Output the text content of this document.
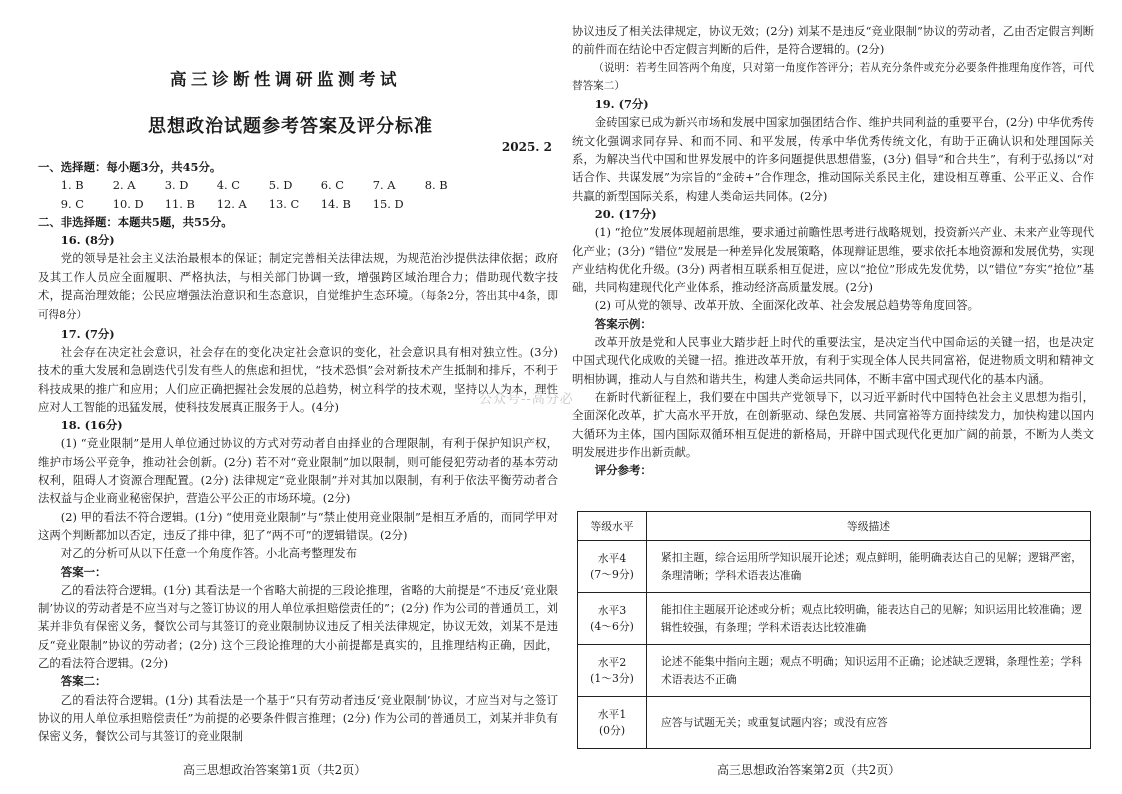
高三诊断性调研监测考试
思想政治试题参考答案及评分标准
2025. 2
一、选择题：每小题3分，共45分。
1. B	2. A	3. D	4. C	5. D	6. C	7. A	8. B
9. C	10. D	11. B	12. A	13. C	14. B	15. D
二、非选择题：本题共5题，共55分。
16. (8分)

党的领导是社会主义法治最根本的保证；制定完善相关法律法规，为规范治沙提供法律依据；政府及其工作人员应全面履职、严格执法，与相关部门协调一致，增强跨区域治理合力；借助现代数字技术，提高治理效能；公民应增强法治意识和生态意识，自觉维护生态环境。（每条2分，答出其中4条，即可得8分）

17. (7分)

社会存在决定社会意识，社会存在的变化决定社会意识的变化，社会意识具有相对独立性。(3分) 技术的重大发展和急剧迭代引发有些人的焦虑和担忧，“技术恐惧”会对新技术产生抵制和排斥，不利于科技成果的推广和应用；人们应正确把握社会发展的总趋势，树立科学的技术观，坚持以人为本，理性应对人工智能的迅猛发展，使科技发展真正服务于人。(4分)

18. (16分)

(1) “竞业限制”是用人单位通过协议的方式对劳动者自由择业的合理限制，有利于保护知识产权，维护市场公平竞争，推动社会创新。(2分) 若不对“竞业限制”加以限制，则可能侵犯劳动者的基本劳动权利，阻碍人才资源合理配置。(2分) 法律规定“竞业限制”并对其加以限制，有利于依法平衡劳动者合法权益与企业商业秘密保护，营造公平公正的市场环境。(2分)

(2) 甲的看法不符合逻辑。(1分) “使用竞业限制”与“禁止使用竞业限制”是相互矛盾的，而同学甲对这两个判断都加以否定，违反了排中律，犯了“两不可”的逻辑错误。(2分)

对乙的分析可从以下任意一个角度作答。小北高考整理发布

答案一：

乙的看法符合逻辑。(1分) 其看法是一个省略大前提的三段论推理，省略的大前提是“不违反‘竞业限制’协议的劳动者是不应当对与之签订协议的用人单位承担赔偿责任的”；(2分) 作为公司的普通员工，刘某并非负有保密义务，餐饮公司与其签订的竞业限制协议违反了相关法律规定，协议无效，刘某不是违反“竞业限制”协议的劳动者；(2分) 这个三段论推理的大小前提都是真实的，且推理结构正确，因此，乙的看法符合逻辑。(2分)

答案二：

乙的看法符合逻辑。(1分) 其看法是一个基于“只有劳动者违反‘竞业限制’协议，才应当对与之签订协议的用人单位承担赔偿责任”为前提的必要条件假言推理；(2分) 作为公司的普通员工，刘某并非负有保密义务，餐饮公司与其签订的竞业限制

高三思想政治答案第1页（共2页）

协议违反了相关法律规定，协议无效；(2分) 刘某不是违反“竞业限制”协议的劳动者，乙由否定假言判断的前件而在结论中否定假言判断的后件，是符合逻辑的。(2分)

（说明：若考生回答两个角度，只对第一角度作答评分；若从充分条件或充分必要条件推理角度作答，可代替答案二）

19. (7分)

金砖国家已成为新兴市场和发展中国家加强团结合作、维护共同利益的重要平台，(2分) 中华优秀传统文化强调求同存异、和而不同、和平发展，传承中华优秀传统文化，有助于正确认识和处理国际关系，为解决当代中国和世界发展中的许多问题提供思想借鉴，(3分) 倡导“和合共生”，有利于弘扬以“对话合作、共谋发展”为宗旨的“金砖+”合作理念，推动国际关系民主化，建设相互尊重、公平正义、合作共赢的新型国际关系，构建人类命运共同体。(2分)

20. (17分)

(1) “抢位”发展体现超前思维，要求通过前瞻性思考进行战略规划，投资新兴产业、未来产业等现代化产业；(3分) “错位”发展是一种差异化发展策略，体现辩证思维，要求依托本地资源和发展优势，实现产业结构优化升级。(3分) 两者相互联系相互促进，应以“抢位”形成先发优势，以“错位”夯实“抢位”基础，共同构建现代化产业体系，推动经济高质量发展。(2分)

(2) 可从党的领导、改革开放、全面深化改革、社会发展总趋势等角度回答。

答案示例：

改革开放是党和人民事业大踏步赶上时代的重要法宝，是决定当代中国命运的关键一招，也是决定中国式现代化成败的关键一招。推进改革开放，有利于实现全体人民共同富裕，促进物质文明和精神文明相协调，推动人与自然和谐共生，构建人类命运共同体，不断丰富中国式现代化的基本内涵。

在新时代新征程上，我们要在中国共产党领导下，以习近平新时代中国特色社会主义思想为指引，全面深化改革，扩大高水平开放，在创新驱动、绿色发展、共同富裕等方面持续发力，加快构建以国内大循环为主体，国内国际双循环相互促进的新格局，开辟中国式现代化更加广阔的前景，不断为人类文明发展进步作出新贡献。

评分参考：
等级水平	等级描述

水平4
(7～9分)	紧扣主题，综合运用所学知识展开论述；观点鲜明，能明确表达自己的见解；逻辑严密，条理清晰；学科术语表达准确

水平3
(4～6分)	能扣住主题展开论述或分析；观点比较明确，能表达自己的见解；知识运用比较准确；逻辑性较强，有条理；学科术语表达比较准确

水平2
(1～3分)	论述不能集中指向主题；观点不明确；知识运用不正确；论述缺乏逻辑，条理性差；学科术语表达不正确

水平1
(0分)	应答与试题无关；或重复试题内容；或没有应答
高三思想政治答案第2页（共2页）
公众号--高分必
